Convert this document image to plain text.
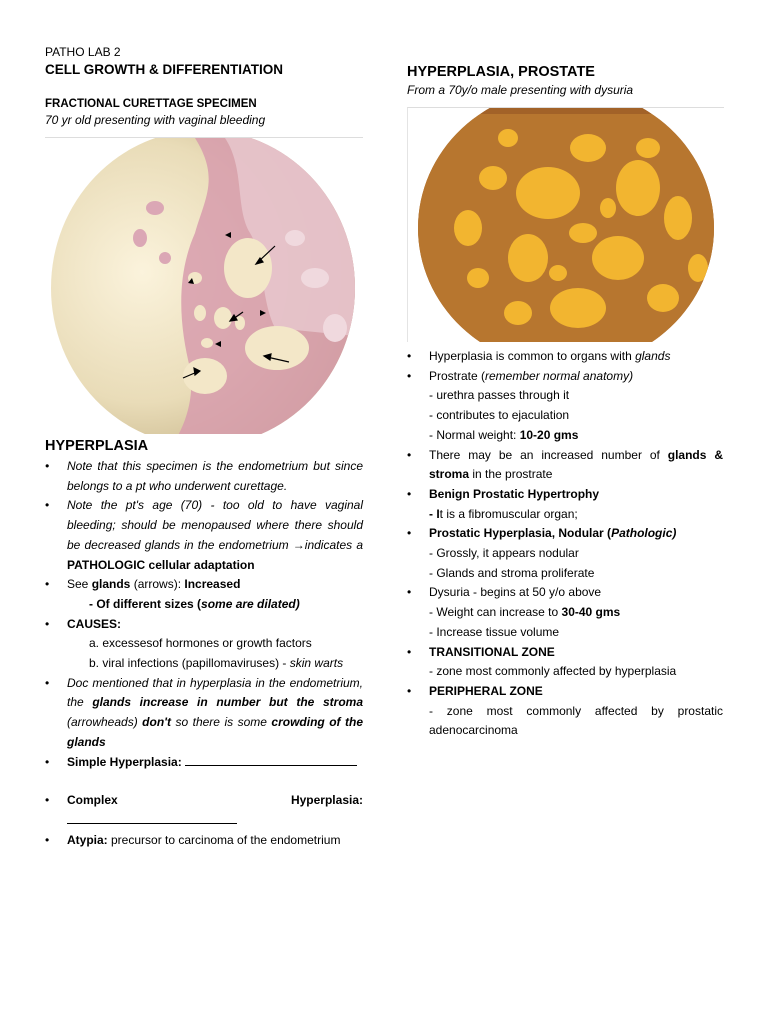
PATHO LAB 2
CELL GROWTH & DIFFERENTIATION
FRACTIONAL CURETTAGE SPECIMEN
70 yr old presenting with vaginal bleeding
HYPERPLASIA
• Note that this specimen is the endometrium but since belongs to a pt who underwent curettage.
• Note the pt's age (70) - too old to have vaginal bleeding; should be menopaused where there should be decreased glands in the endometrium →indicates a PATHOLOGIC cellular adaptation
• See glands (arrows): Increased
- Of different sizes (some are dilated)
• CAUSES:
a. excessesof hormones or growth factors
b. viral infections (papillomaviruses) - skin warts
• Doc mentioned that in hyperplasia in the endometrium, the glands increase in number but the stroma (arrowheads) don't so there is some crowding of the glands
• Simple Hyperplasia:
• Complex Hyperplasia:
• Atypia: precursor to carcinoma of the endometrium
HYPERPLASIA, PROSTATE
From a 70y/o male presenting with dysuria
• Hyperplasia is common to organs with glands
• Prostrate (remember normal anatomy)
- urethra passes through it
- contributes to ejaculation
- Normal weight: 10-20 gms
• There may be an increased number of glands & stroma in the prostrate
• Benign Prostatic Hypertrophy
- It is a fibromuscular organ;
• Prostatic Hyperplasia, Nodular (Pathologic)
- Grossly, it appears nodular
- Glands and stroma proliferate
• Dysuria - begins at 50 y/o above
- Weight can increase to 30-40 gms
- Increase tissue volume
• TRANSITIONAL ZONE
- zone most commonly affected by hyperplasia
• PERIPHERAL ZONE
- zone most commonly affected by prostatic adenocarcinoma
